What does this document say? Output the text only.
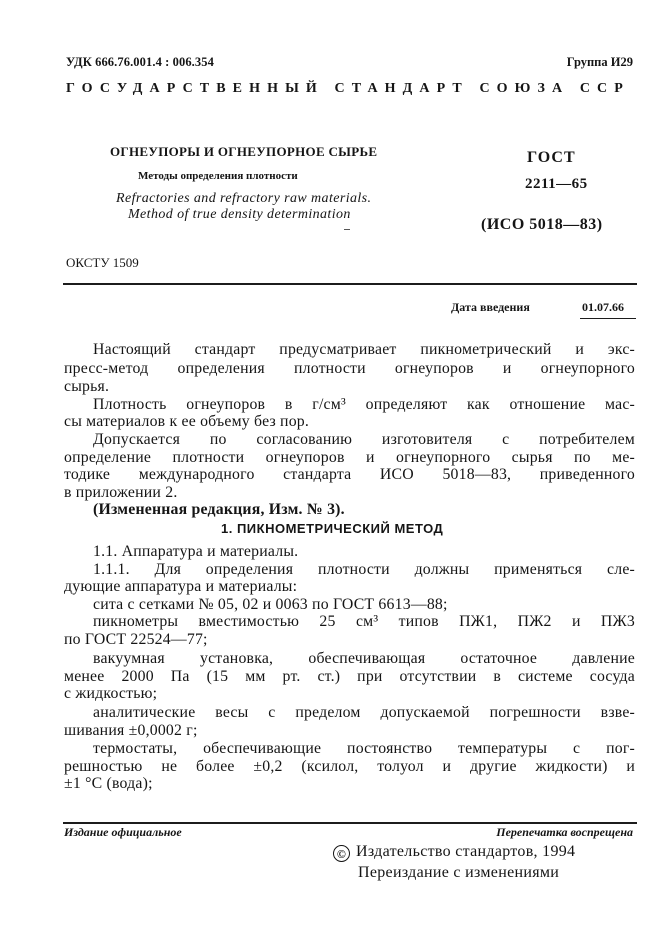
УДК 666.76.001.4 : 006.354	Группа И29
ГОСУДАРСТВЕННЫЙ СТАНДАРТ СОЮЗА ССР
ОГНЕУПОРЫ И ОГНЕУПОРНОЕ СЫРЬЕ
Методы определения плотности
Refractories and refractory raw materials.
Method of true density determination
ГОСТ
2211—65
(ИСО 5018—83)
ОКСТУ 1509
Дата введения	01.07.66
Настоящий стандарт предусматривает пикнометрический и экс-
пресс-метод определения плотности огнеупоров и огнеупорного
сырья.
Плотность огнеупоров в г/см³ определяют как отношение мас-
сы материалов к ее объему без пор.
Допускается по согласованию изготовителя с потребителем
определение плотности огнеупоров и огнеупорного сырья по ме-
тодике международного стандарта ИСО 5018—83, приведенного
в приложении 2.
(Измененная редакция, Изм. № 3).
1. ПИКНОМЕТРИЧЕСКИЙ МЕТОД
1.1. Аппаратура и материалы.
1.1.1. Для определения плотности должны применяться сле-
дующие аппаратура и материалы:
сита с сетками № 05, 02 и 0063 по ГОСТ 6613—88;
пикнометры вместимостью 25 см³ типов ПЖ1, ПЖ2 и ПЖ3
по ГОСТ 22524—77;
вакуумная установка, обеспечивающая остаточное давление
менее 2000 Па (15 мм рт. ст.) при отсутствии в системе сосуда
с жидкостью;
аналитические весы с пределом допускаемой погрешности взве-
шивания ±0,0002 г;
термостаты, обеспечивающие постоянство температуры с пог-
решностью не более ±0,2 (ксилол, толуол и другие жидкости) и
±1 °С (вода);
Издание официальное	Перепечатка воспрещена
© Издательство стандартов, 1994
Переиздание с изменениями
